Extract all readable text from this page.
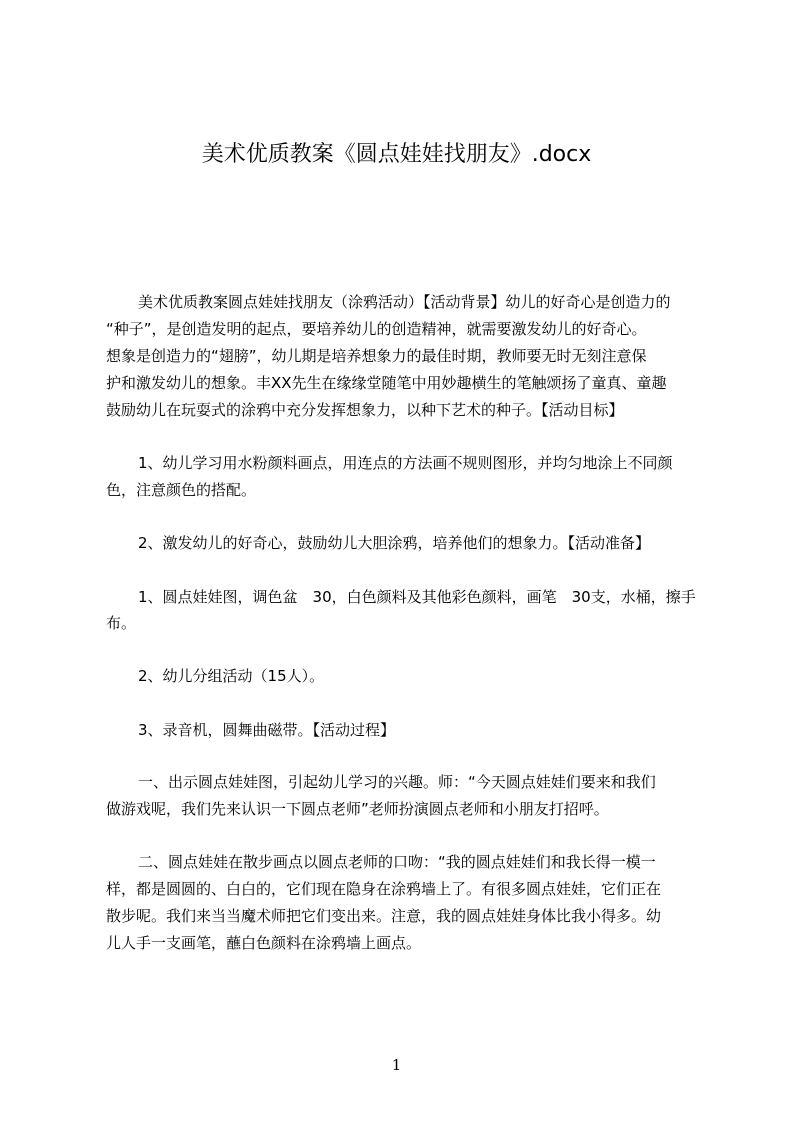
美术优质教案《圆点娃娃找朋友》.docx
美术优质教案圆点娃娃找朋友（涂鸦活动）【活动背景】幼儿的好奇心是创造力的
“种子”，是创造发明的起点，要培养幼儿的创造精神，就需要激发幼儿的好奇心。
想象是创造力的“翅膀”，幼儿期是培养想象力的最佳时期，教师要无时无刻注意保
护和激发幼儿的想象。丰XX先生在缘缘堂随笔中用妙趣横生的笔触颂扬了童真、童趣
鼓励幼儿在玩耍式的涂鸦中充分发挥想象力，以种下艺术的种子。【活动目标】
1、幼儿学习用水粉颜料画点，用连点的方法画不规则图形，并均匀地涂上不同颜
色，注意颜色的搭配。
2、激发幼儿的好奇心，鼓励幼儿大胆涂鸦，培养他们的想象力。【活动准备】
1、圆点娃娃图，调色盆　30，白色颜料及其他彩色颜料，画笔　30支，水桶，擦手
布。
2、幼儿分组活动（15人）。
3、录音机，圆舞曲磁带。【活动过程】
一、出示圆点娃娃图，引起幼儿学习的兴趣。师：“今天圆点娃娃们要来和我们
做游戏呢，我们先来认识一下圆点老师”老师扮演圆点老师和小朋友打招呼。
二、圆点娃娃在散步画点以圆点老师的口吻：“我的圆点娃娃们和我长得一模一
样，都是圆圆的、白白的，它们现在隐身在涂鸦墙上了。有很多圆点娃娃，它们正在
散步呢。我们来当当魔术师把它们变出来。注意，我的圆点娃娃身体比我小得多。幼
儿人手一支画笔，蘸白色颜料在涂鸦墙上画点。
1
